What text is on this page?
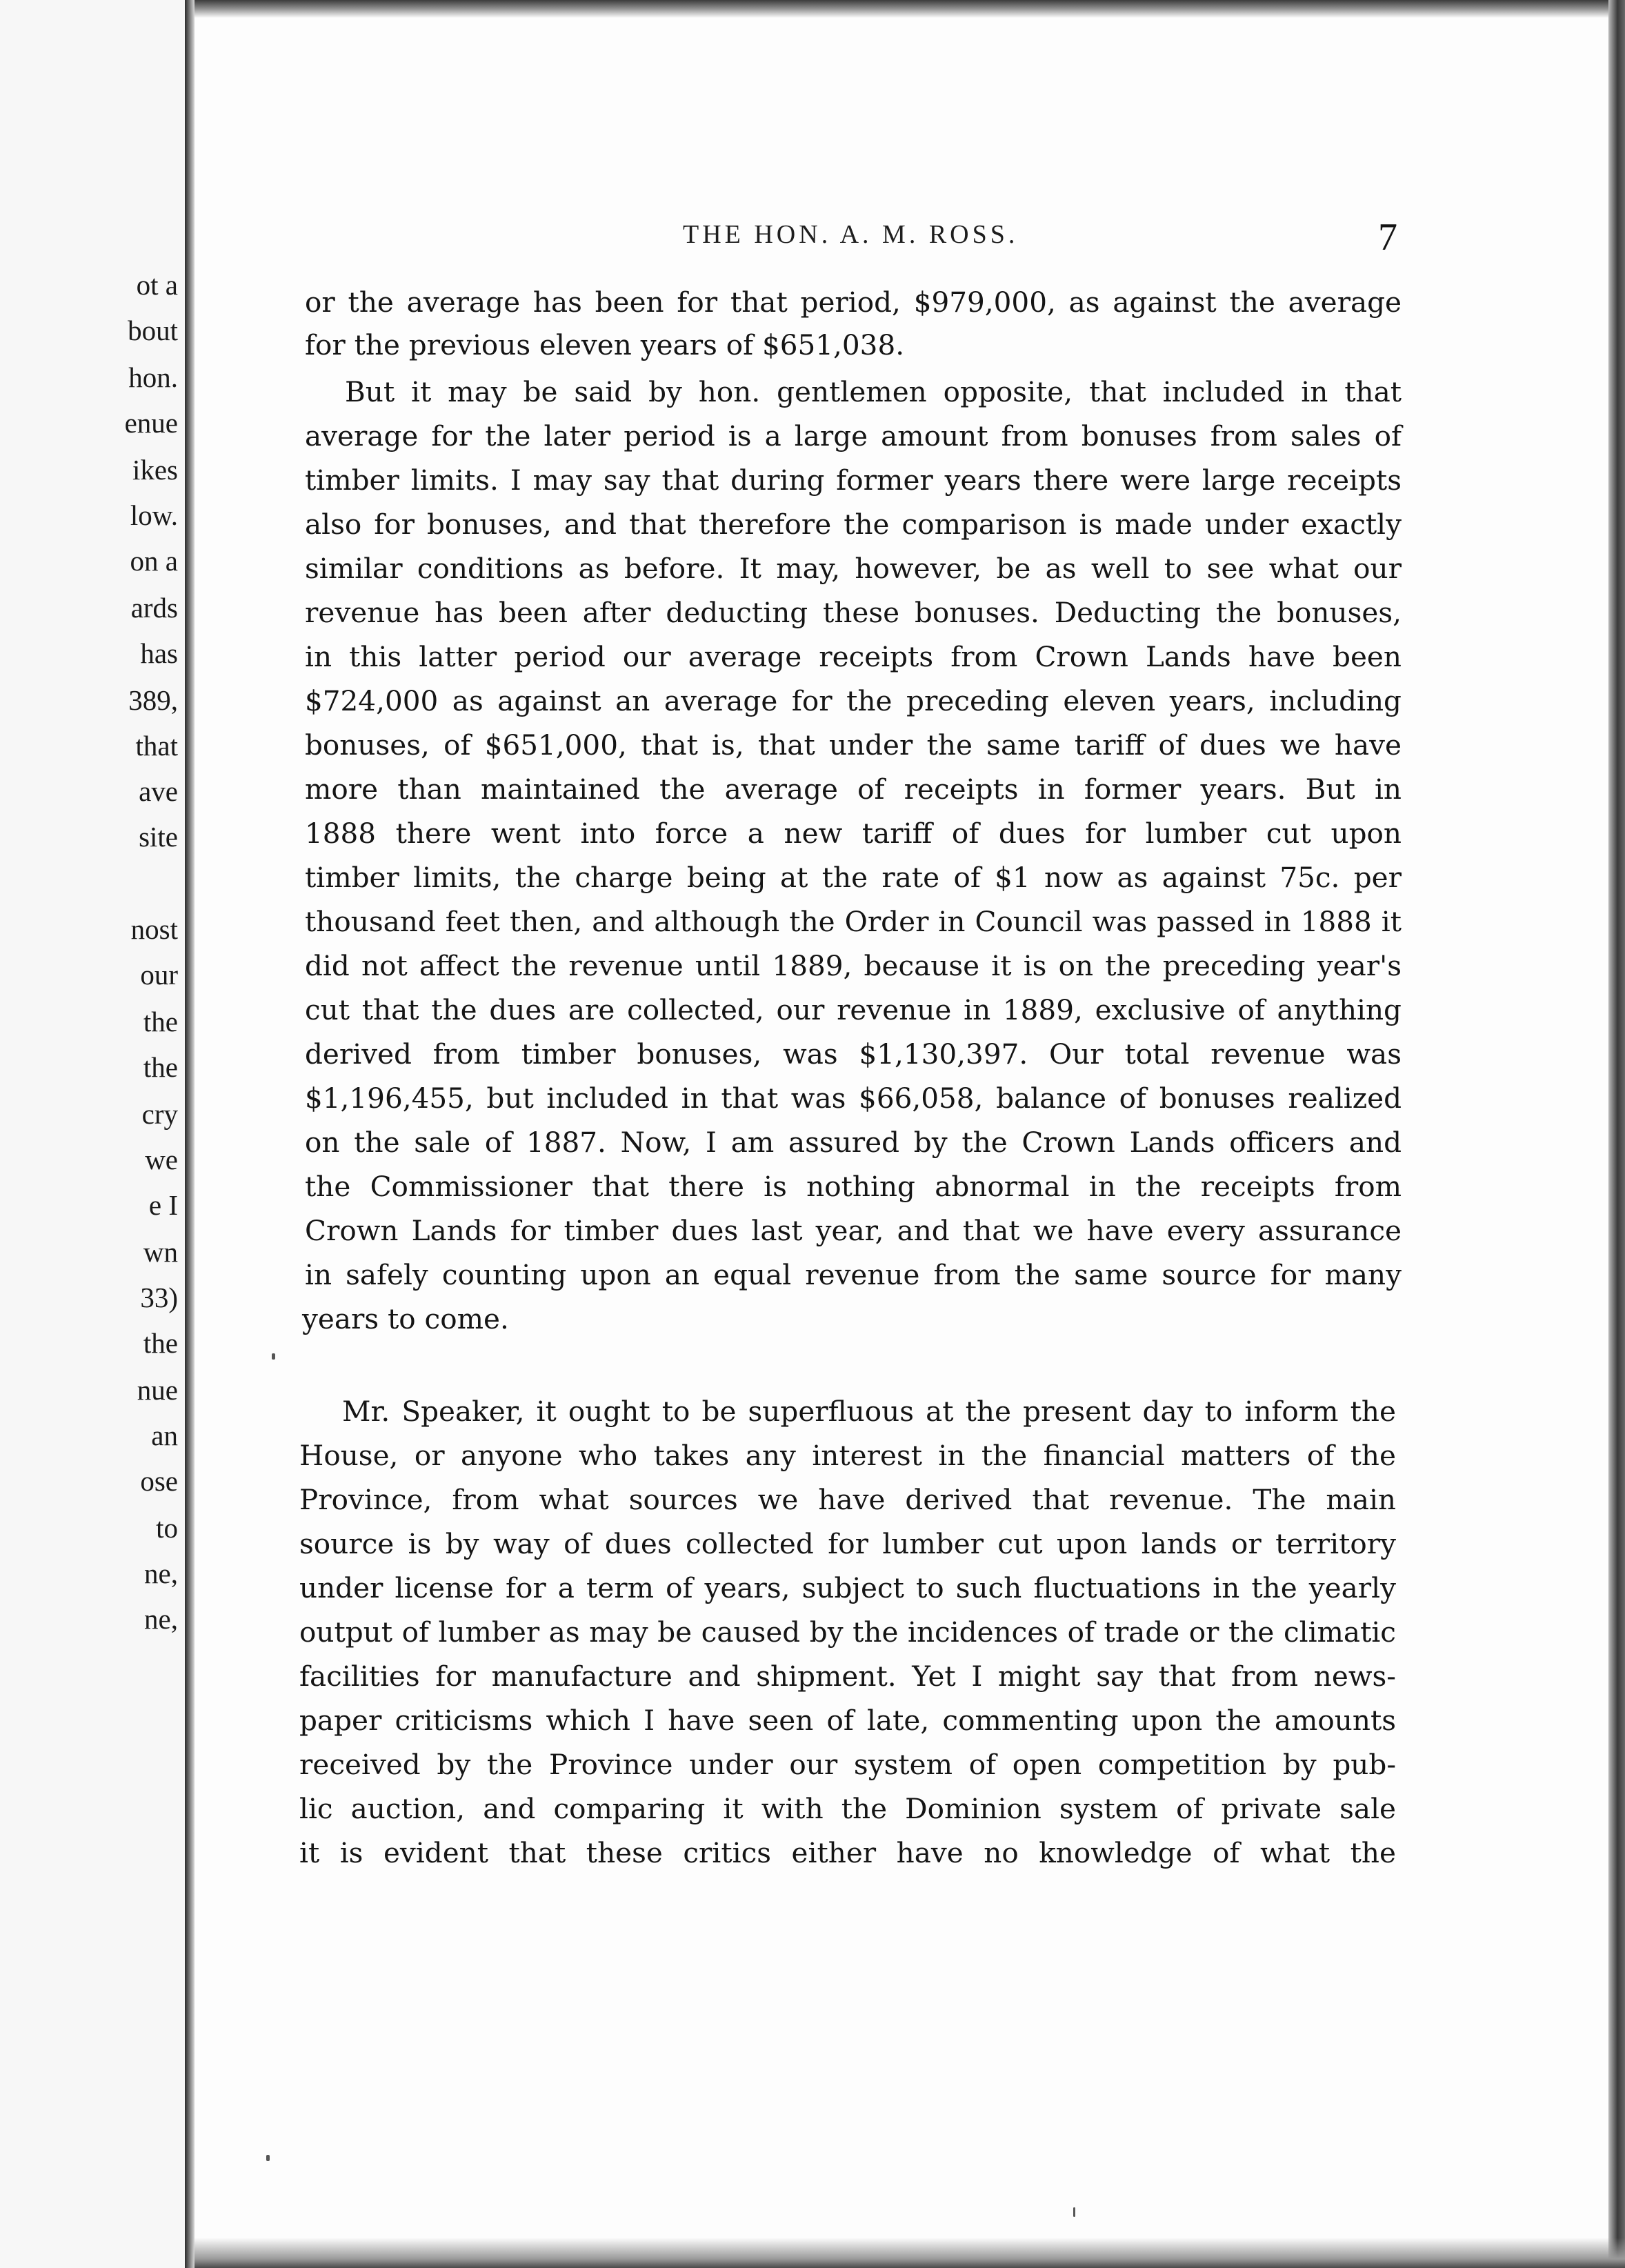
ot a
bout
hon.
enue
ikes
low.
on a
ards
has
389,
that
ave
site
nost
our
the
the
cry
we
e I
wn
33)
the
nue
an
ose
to
ne,
ne,
THE HON. A. M. ROSS.	7
or the average has been for that period, $979,000, as against the average
for the previous eleven years of $651,038.
But it may be said by hon. gentlemen opposite, that included in that
average for the later period is a large amount from bonuses from sales of
timber limits. I may say that during former years there were large receipts
also for bonuses, and that therefore the comparison is made under exactly
similar conditions as before. It may, however, be as well to see what our
revenue has been after deducting these bonuses. Deducting the bonuses,
in this latter period our average receipts from Crown Lands have been
$724,000 as against an average for the preceding eleven years, including
bonuses, of $651,000, that is, that under the same tariff of dues we have
more than maintained the average of receipts in former years. But in
1888 there went into force a new tariff of dues for lumber cut upon
timber limits, the charge being at the rate of $1 now as against 75c. per
thousand feet then, and although the Order in Council was passed in 1888 it
did not affect the revenue until 1889, because it is on the preceding year's
cut that the dues are collected, our revenue in 1889, exclusive of anything
derived from timber bonuses, was $1,130,397. Our total revenue was
$1,196,455, but included in that was $66,058, balance of bonuses realized
on the sale of 1887. Now, I am assured by the Crown Lands officers and
the Commissioner that there is nothing abnormal in the receipts from
Crown Lands for timber dues last year, and that we have every assurance
in safely counting upon an equal revenue from the same source for many
years to come.
Mr. Speaker, it ought to be superfluous at the present day to inform the
House, or anyone who takes any interest in the financial matters of the
Province, from what sources we have derived that revenue. The main
source is by way of dues collected for lumber cut upon lands or territory
under license for a term of years, subject to such fluctuations in the yearly
output of lumber as may be caused by the incidences of trade or the climatic
facilities for manufacture and shipment. Yet I might say that from news-
paper criticisms which I have seen of late, commenting upon the amounts
received by the Province under our system of open competition by pub-
lic auction, and comparing it with the Dominion system of private sale
it is evident that these critics either have no knowledge of what the
